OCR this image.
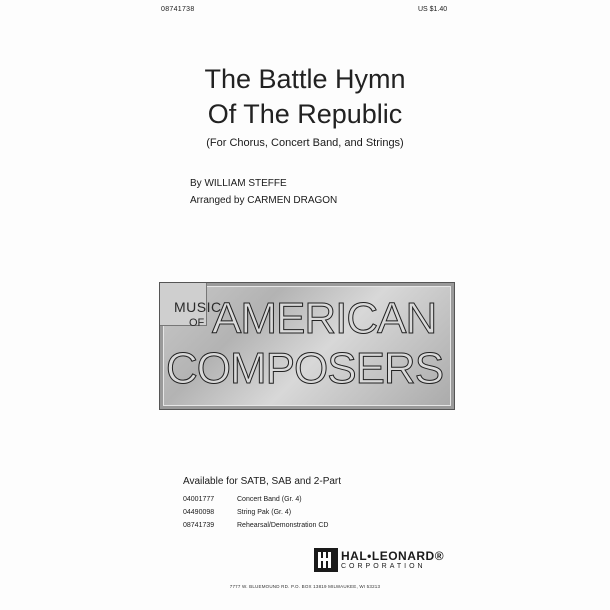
08741738	US $1.40
The Battle Hymn
Of The Republic
(For Chorus, Concert Band, and Strings)
By WILLIAM STEFFE
Arranged by CARMEN DRAGON
MUSIC
OF AMERICAN
COMPOSERS
Available for SATB, SAB and 2-Part
04001777	Concert Band (Gr. 4)
04490098	String Pak (Gr. 4)
08741739	Rehearsal/Demonstration CD
HAL•LEONARD®
CORPORATION
7777 W. BLUEMOUND RD. P.O. BOX 13819 MILWAUKEE, WI 53213
